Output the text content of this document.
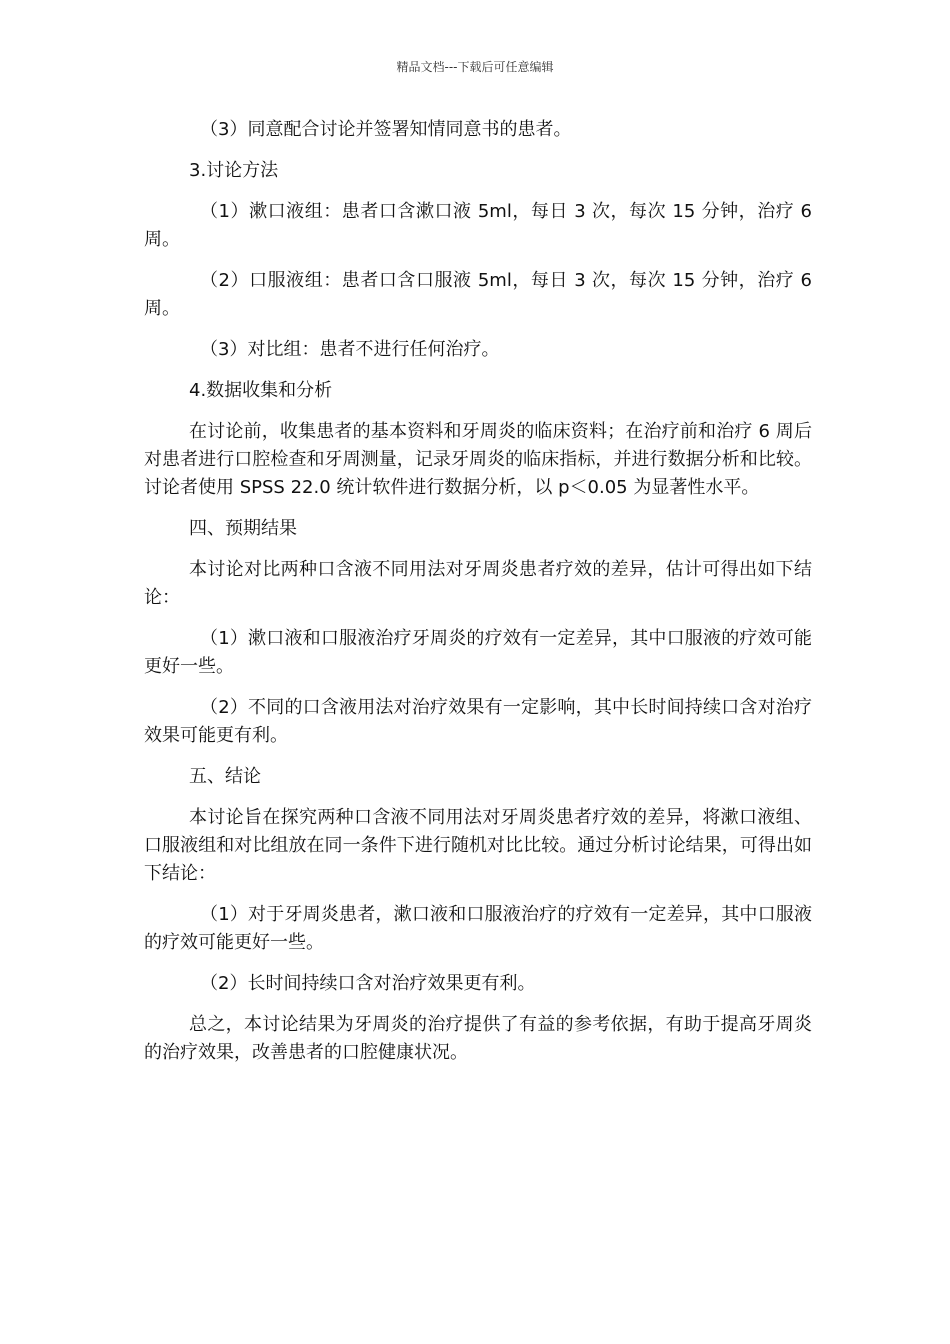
精品文档---下载后可任意编辑

（3）同意配合讨论并签署知情同意书的患者。

3.讨论方法

（1）漱口液组：患者口含漱口液 5ml，每日 3 次，每次 15 分钟，治疗 6 周。

（2）口服液组：患者口含口服液 5ml，每日 3 次，每次 15 分钟，治疗 6 周。

（3）对比组：患者不进行任何治疗。

4.数据收集和分析

在讨论前，收集患者的基本资料和牙周炎的临床资料；在治疗前和治疗 6 周后对患者进行口腔检查和牙周测量，记录牙周炎的临床指标，并进行数据分析和比较。讨论者使用 SPSS 22.0 统计软件进行数据分析，以 p＜0.05 为显著性水平。

四、预期结果

本讨论对比两种口含液不同用法对牙周炎患者疗效的差异，估计可得出如下结论：

（1）漱口液和口服液治疗牙周炎的疗效有一定差异，其中口服液的疗效可能更好一些。

（2）不同的口含液用法对治疗效果有一定影响，其中长时间持续口含对治疗效果可能更有利。

五、结论

本讨论旨在探究两种口含液不同用法对牙周炎患者疗效的差异，将漱口液组、口服液组和对比组放在同一条件下进行随机对比比较。通过分析讨论结果，可得出如下结论：

（1）对于牙周炎患者，漱口液和口服液治疗的疗效有一定差异，其中口服液的疗效可能更好一些。

（2）长时间持续口含对治疗效果更有利。

总之，本讨论结果为牙周炎的治疗提供了有益的参考依据，有助于提高牙周炎的治疗效果，改善患者的口腔健康状况。
